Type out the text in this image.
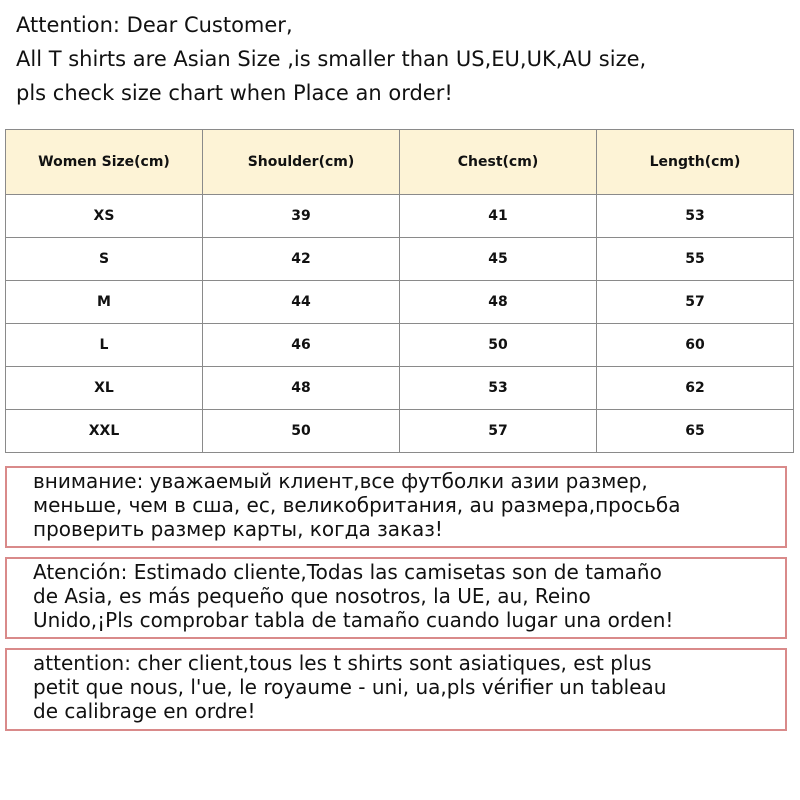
Attention: Dear Customer,
All T shirts are Asian Size ,is smaller than US,EU,UK,AU size,
pls check size chart when Place an order!
Women Size(cm)	Shoulder(cm)	Chest(cm)	Length(cm)
XS	39	41	53
S	42	45	55
M	44	48	57
L	46	50	60
XL	48	53	62
XXL	50	57	65
внимание: уважаемый клиент,все футболки азии размер,
меньше, чем в сша, ес, великобритания, au размера,просьба
проверить размер карты, когда заказ!
Atención: Estimado cliente,Todas las camisetas son de tamaño
de Asia, es más pequeño que nosotros, la UE, au, Reino
Unido,¡Pls comprobar tabla de tamaño cuando lugar una orden!
attention: cher client,tous les t shirts sont asiatiques, est plus
petit que nous, l'ue, le royaume - uni, ua,pls vérifier un tableau
de calibrage en ordre!
